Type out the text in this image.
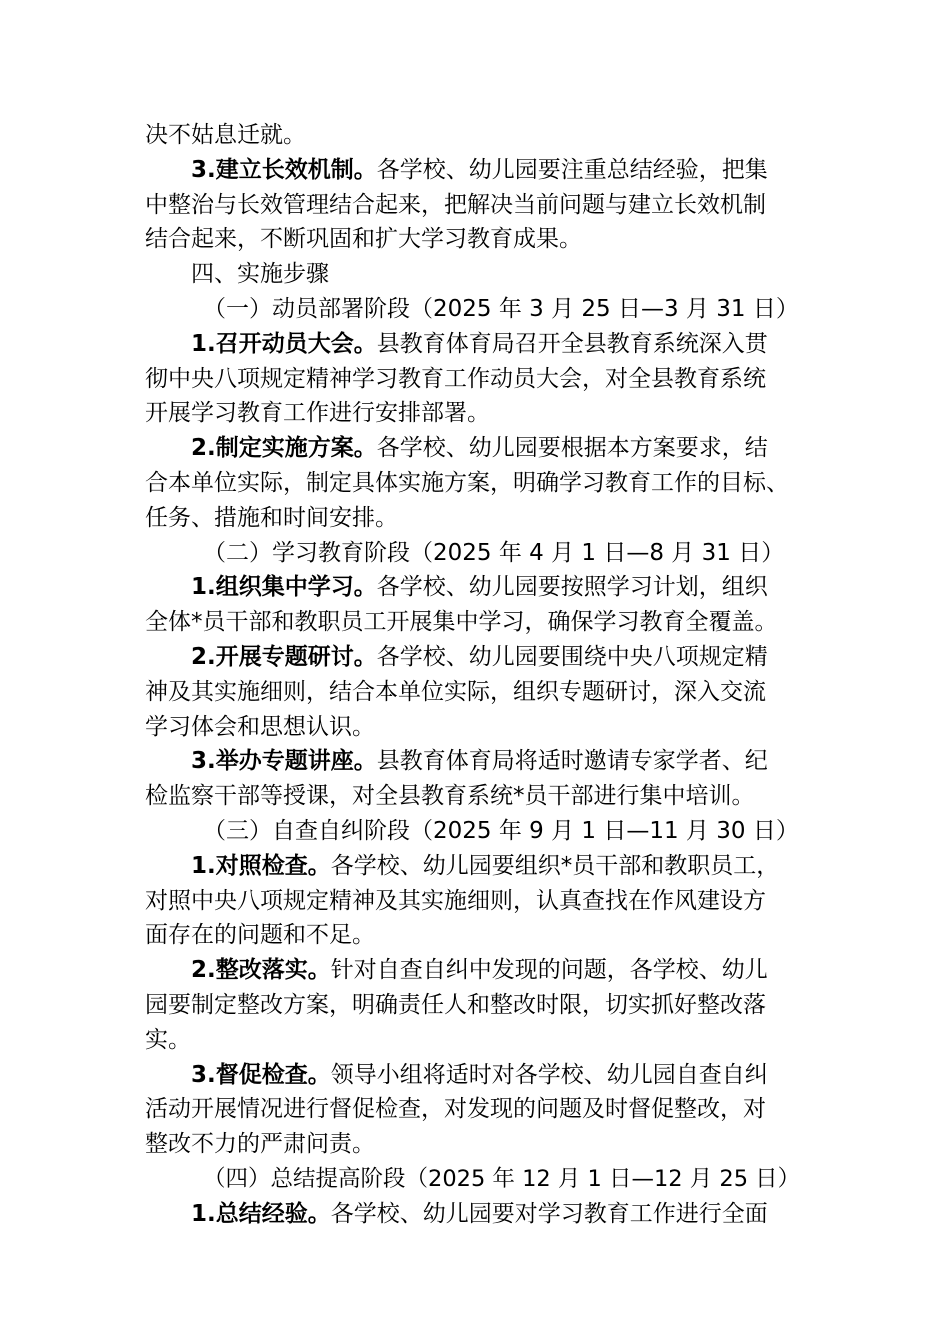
决不姑息迁就。

3.建立长效机制。各学校、幼儿园要注重总结经验，把集

中整治与长效管理结合起来，把解决当前问题与建立长效机制

结合起来，不断巩固和扩大学习教育成果。

四、实施步骤

（一）动员部署阶段（2025 年 3 月 25 日—3 月 31 日）

1.召开动员大会。县教育体育局召开全县教育系统深入贯

彻中央八项规定精神学习教育工作动员大会，对全县教育系统

开展学习教育工作进行安排部署。

2.制定实施方案。各学校、幼儿园要根据本方案要求，结

合本单位实际，制定具体实施方案，明确学习教育工作的目标、

任务、措施和时间安排。

（二）学习教育阶段（2025 年 4 月 1 日—8 月 31 日）

1.组织集中学习。各学校、幼儿园要按照学习计划，组织

全体*员干部和教职员工开展集中学习，确保学习教育全覆盖。

2.开展专题研讨。各学校、幼儿园要围绕中央八项规定精

神及其实施细则，结合本单位实际，组织专题研讨，深入交流

学习体会和思想认识。

3.举办专题讲座。县教育体育局将适时邀请专家学者、纪

检监察干部等授课，对全县教育系统*员干部进行集中培训。

（三）自查自纠阶段（2025 年 9 月 1 日—11 月 30 日）

1.对照检查。各学校、幼儿园要组织*员干部和教职员工，

对照中央八项规定精神及其实施细则，认真查找在作风建设方

面存在的问题和不足。

2.整改落实。针对自查自纠中发现的问题，各学校、幼儿

园要制定整改方案，明确责任人和整改时限，切实抓好整改落

实。

3.督促检查。领导小组将适时对各学校、幼儿园自查自纠

活动开展情况进行督促检查，对发现的问题及时督促整改，对

整改不力的严肃问责。

（四）总结提高阶段（2025 年 12 月 1 日—12 月 25 日）

1.总结经验。各学校、幼儿园要对学习教育工作进行全面
